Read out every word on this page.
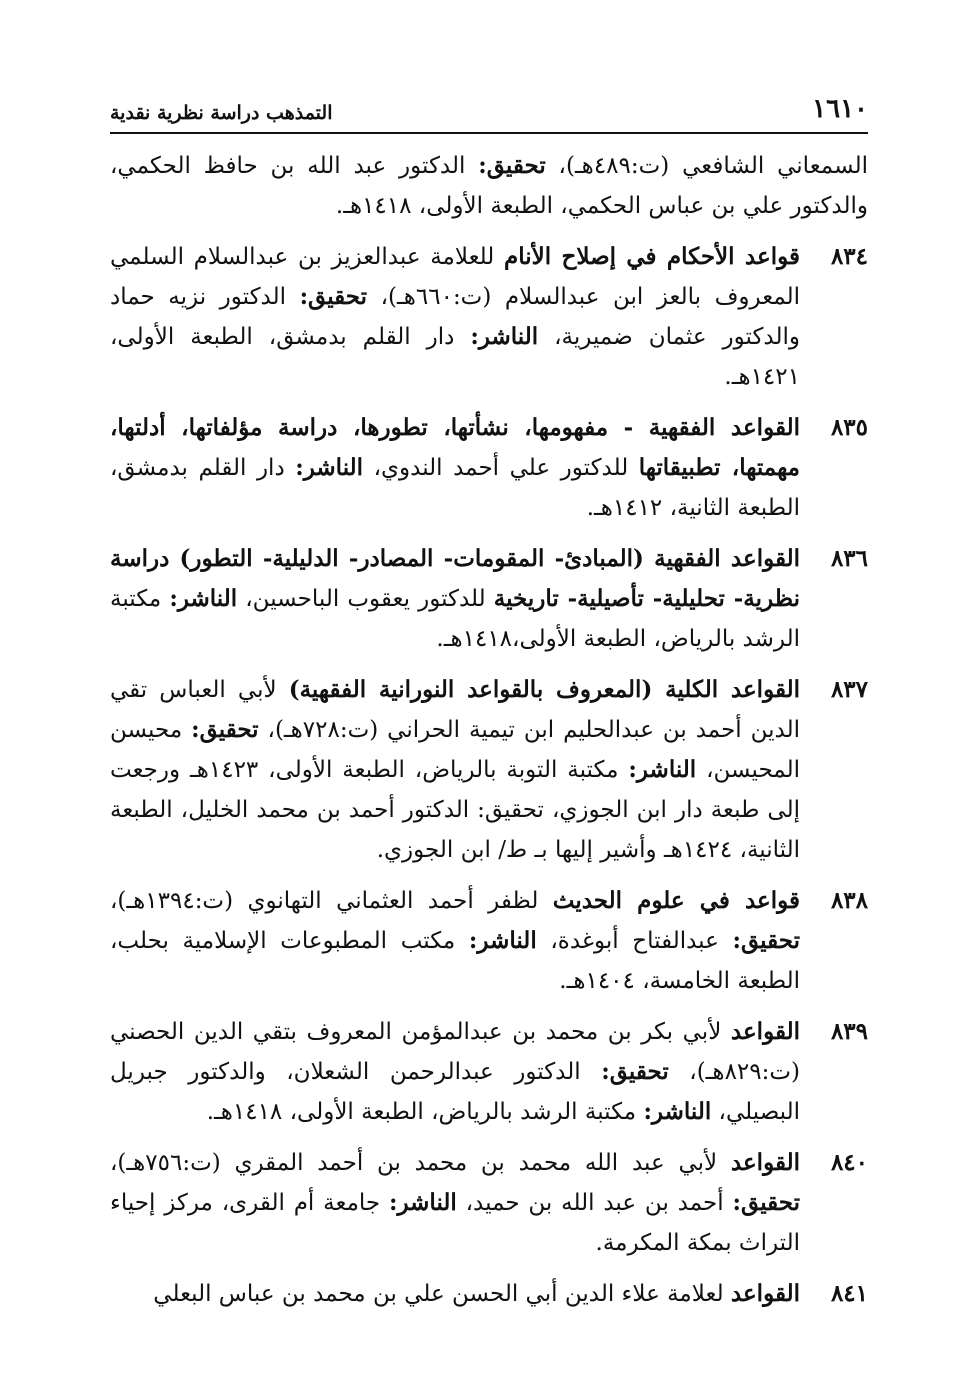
١٦١٠
التمذهب دراسة نظرية نقدية
السمعاني الشافعي (ت:٤٨٩هـ)، تحقيق: الدكتور عبد الله بن حافظ الحكمي، والدكتور علي بن عباس الحكمي، الطبعة الأولى، ١٤١٨هـ.
٨٣٤
قواعد الأحكام في إصلاح الأنام للعلامة عبدالعزيز بن عبدالسلام السلمي المعروف بالعز ابن عبدالسلام (ت:٦٦٠هـ)، تحقيق: الدكتور نزيه حماد والدكتور عثمان ضميرية، الناشر: دار القلم بدمشق، الطبعة الأولى، ١٤٢١هـ.
٨٣٥
القواعد الفقهية - مفهومها، نشأتها، تطورها، دراسة مؤلفاتها، أدلتها، مهمتها، تطبيقاتها للدكتور علي أحمد الندوي، الناشر: دار القلم بدمشق، الطبعة الثانية، ١٤١٢هـ.
٨٣٦
القواعد الفقهية (المبادئ- المقومات- المصادر- الدليلية- التطور) دراسة نظرية- تحليلية- تأصيلية- تاريخية للدكتور يعقوب الباحسين، الناشر: مكتبة الرشد بالرياض، الطبعة الأولى،١٤١٨هـ.
٨٣٧
القواعد الكلية (المعروف بالقواعد النورانية الفقهية) لأبي العباس تقي الدين أحمد بن عبدالحليم ابن تيمية الحراني (ت:٧٢٨هـ)، تحقيق: محيسن المحيسن، الناشر: مكتبة التوبة بالرياض، الطبعة الأولى، ١٤٢٣هـ ورجعت إلى طبعة دار ابن الجوزي، تحقيق: الدكتور أحمد بن محمد الخليل، الطبعة الثانية، ١٤٢٤هـ وأشير إليها بـ ط/ ابن الجوزي.
٨٣٨
قواعد في علوم الحديث لظفر أحمد العثماني التهانوي (ت:١٣٩٤هـ)، تحقيق: عبدالفتاح أبوغدة، الناشر: مكتب المطبوعات الإسلامية بحلب، الطبعة الخامسة، ١٤٠٤هـ.
٨٣٩
القواعد لأبي بكر بن محمد بن عبدالمؤمن المعروف بتقي الدين الحصني (ت:٨٢٩هـ)، تحقيق: الدكتور عبدالرحمن الشعلان، والدكتور جبريل البصيلي، الناشر: مكتبة الرشد بالرياض، الطبعة الأولى، ١٤١٨هـ.
٨٤٠
القواعد لأبي عبد الله محمد بن محمد بن أحمد المقري (ت:٧٥٦هـ)، تحقيق: أحمد بن عبد الله بن حميد، الناشر: جامعة أم القرى، مركز إحياء التراث بمكة المكرمة.
٨٤١
القواعد لعلامة علاء الدين أبي الحسن علي بن محمد بن عباس البعلي
